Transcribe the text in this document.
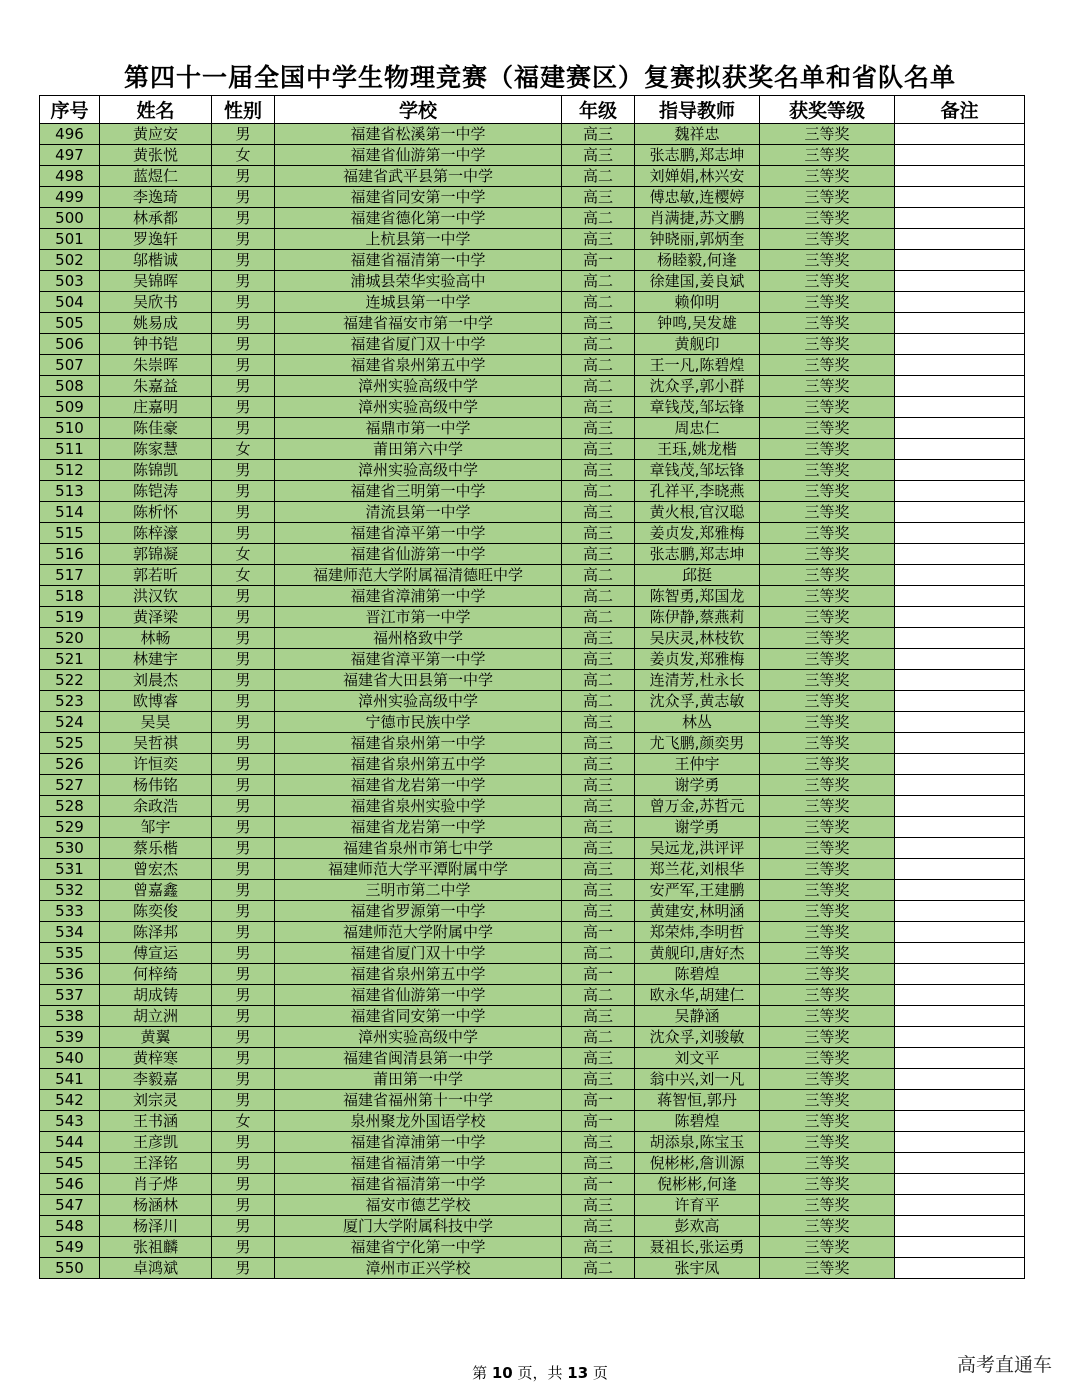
第四十一届全国中学生物理竞赛（福建赛区）复赛拟获奖名单和省队名单
序号	姓名	性别	学校	年级	指导教师	获奖等级	备注
496	黄应安	男	福建省松溪第一中学	高三	魏祥忠	三等奖	
497	黄张悦	女	福建省仙游第一中学	高三	张志鹏,郑志坤	三等奖	
498	蓝煜仁	男	福建省武平县第一中学	高二	刘婵娟,林兴安	三等奖	
499	李逸琦	男	福建省同安第一中学	高三	傅忠敏,连樱婷	三等奖	
500	林承都	男	福建省德化第一中学	高二	肖满捷,苏文鹏	三等奖	
501	罗逸轩	男	上杭县第一中学	高三	钟晓丽,郭炳奎	三等奖	
502	邬楷诚	男	福建省福清第一中学	高一	杨睦毅,何逢	三等奖	
503	吴锦晖	男	浦城县荣华实验高中	高二	徐建国,姜良斌	三等奖	
504	吴欣书	男	连城县第一中学	高二	赖仰明	三等奖	
505	姚易成	男	福建省福安市第一中学	高三	钟鸣,吴发雄	三等奖	
506	钟书铠	男	福建省厦门双十中学	高二	黄舰印	三等奖	
507	朱崇晖	男	福建省泉州第五中学	高二	王一凡,陈碧煌	三等奖	
508	朱嘉益	男	漳州实验高级中学	高二	沈众孚,郭小群	三等奖	
509	庄嘉明	男	漳州实验高级中学	高三	章钱茂,邹坛锋	三等奖	
510	陈佳豪	男	福鼎市第一中学	高三	周忠仁	三等奖	
511	陈家慧	女	莆田第六中学	高三	王珏,姚龙楷	三等奖	
512	陈锦凯	男	漳州实验高级中学	高三	章钱茂,邹坛锋	三等奖	
513	陈铠涛	男	福建省三明第一中学	高二	孔祥平,李晓燕	三等奖	
514	陈析怀	男	清流县第一中学	高三	黄火根,官汉聪	三等奖	
515	陈梓濠	男	福建省漳平第一中学	高三	姜贞发,郑雅梅	三等奖	
516	郭锦凝	女	福建省仙游第一中学	高三	张志鹏,郑志坤	三等奖	
517	郭若昕	女	福建师范大学附属福清德旺中学	高二	邱挺	三等奖	
518	洪汉钦	男	福建省漳浦第一中学	高二	陈智勇,郑国龙	三等奖	
519	黄泽梁	男	晋江市第一中学	高二	陈伊静,蔡燕莉	三等奖	
520	林畅	男	福州格致中学	高三	吴庆灵,林枝钦	三等奖	
521	林建宇	男	福建省漳平第一中学	高三	姜贞发,郑雅梅	三等奖	
522	刘晨杰	男	福建省大田县第一中学	高二	连清芳,杜永长	三等奖	
523	欧博睿	男	漳州实验高级中学	高二	沈众孚,黄志敏	三等奖	
524	吴昊	男	宁德市民族中学	高三	林丛	三等奖	
525	吴哲祺	男	福建省泉州第一中学	高三	尤飞鹏,颜奕男	三等奖	
526	许恒奕	男	福建省泉州第五中学	高三	王仲宇	三等奖	
527	杨伟铭	男	福建省龙岩第一中学	高三	谢学勇	三等奖	
528	余政浩	男	福建省泉州实验中学	高三	曾万金,苏哲元	三等奖	
529	邹宇	男	福建省龙岩第一中学	高三	谢学勇	三等奖	
530	蔡乐楷	男	福建省泉州市第七中学	高三	吴远龙,洪评评	三等奖	
531	曾宏杰	男	福建师范大学平潭附属中学	高三	郑兰花,刘根华	三等奖	
532	曾嘉鑫	男	三明市第二中学	高三	安严军,王建鹏	三等奖	
533	陈奕俊	男	福建省罗源第一中学	高三	黄建安,林明涵	三等奖	
534	陈泽邦	男	福建师范大学附属中学	高一	郑荣炜,李明哲	三等奖	
535	傅宣运	男	福建省厦门双十中学	高二	黄舰印,唐好杰	三等奖	
536	何梓绮	男	福建省泉州第五中学	高一	陈碧煌	三等奖	
537	胡成铸	男	福建省仙游第一中学	高二	欧永华,胡建仁	三等奖	
538	胡立洲	男	福建省同安第一中学	高三	吴静涵	三等奖	
539	黄翼	男	漳州实验高级中学	高二	沈众孚,刘骏敏	三等奖	
540	黄梓寒	男	福建省闽清县第一中学	高三	刘文平	三等奖	
541	李毅嘉	男	莆田第一中学	高三	翁中兴,刘一凡	三等奖	
542	刘宗灵	男	福建省福州第十一中学	高一	蒋智恒,郭丹	三等奖	
543	王书涵	女	泉州聚龙外国语学校	高一	陈碧煌	三等奖	
544	王彦凯	男	福建省漳浦第一中学	高三	胡添泉,陈宝玉	三等奖	
545	王泽铭	男	福建省福清第一中学	高三	倪彬彬,詹训源	三等奖	
546	肖子烨	男	福建省福清第一中学	高一	倪彬彬,何逢	三等奖	
547	杨涵林	男	福安市德艺学校	高三	许育平	三等奖	
548	杨泽川	男	厦门大学附属科技中学	高三	彭欢高	三等奖	
549	张祖麟	男	福建省宁化第一中学	高三	聂祖长,张运勇	三等奖	
550	卓鸿斌	男	漳州市正兴学校	高二	张宇凤	三等奖	
第 10 页，共 13 页	高考直通车
